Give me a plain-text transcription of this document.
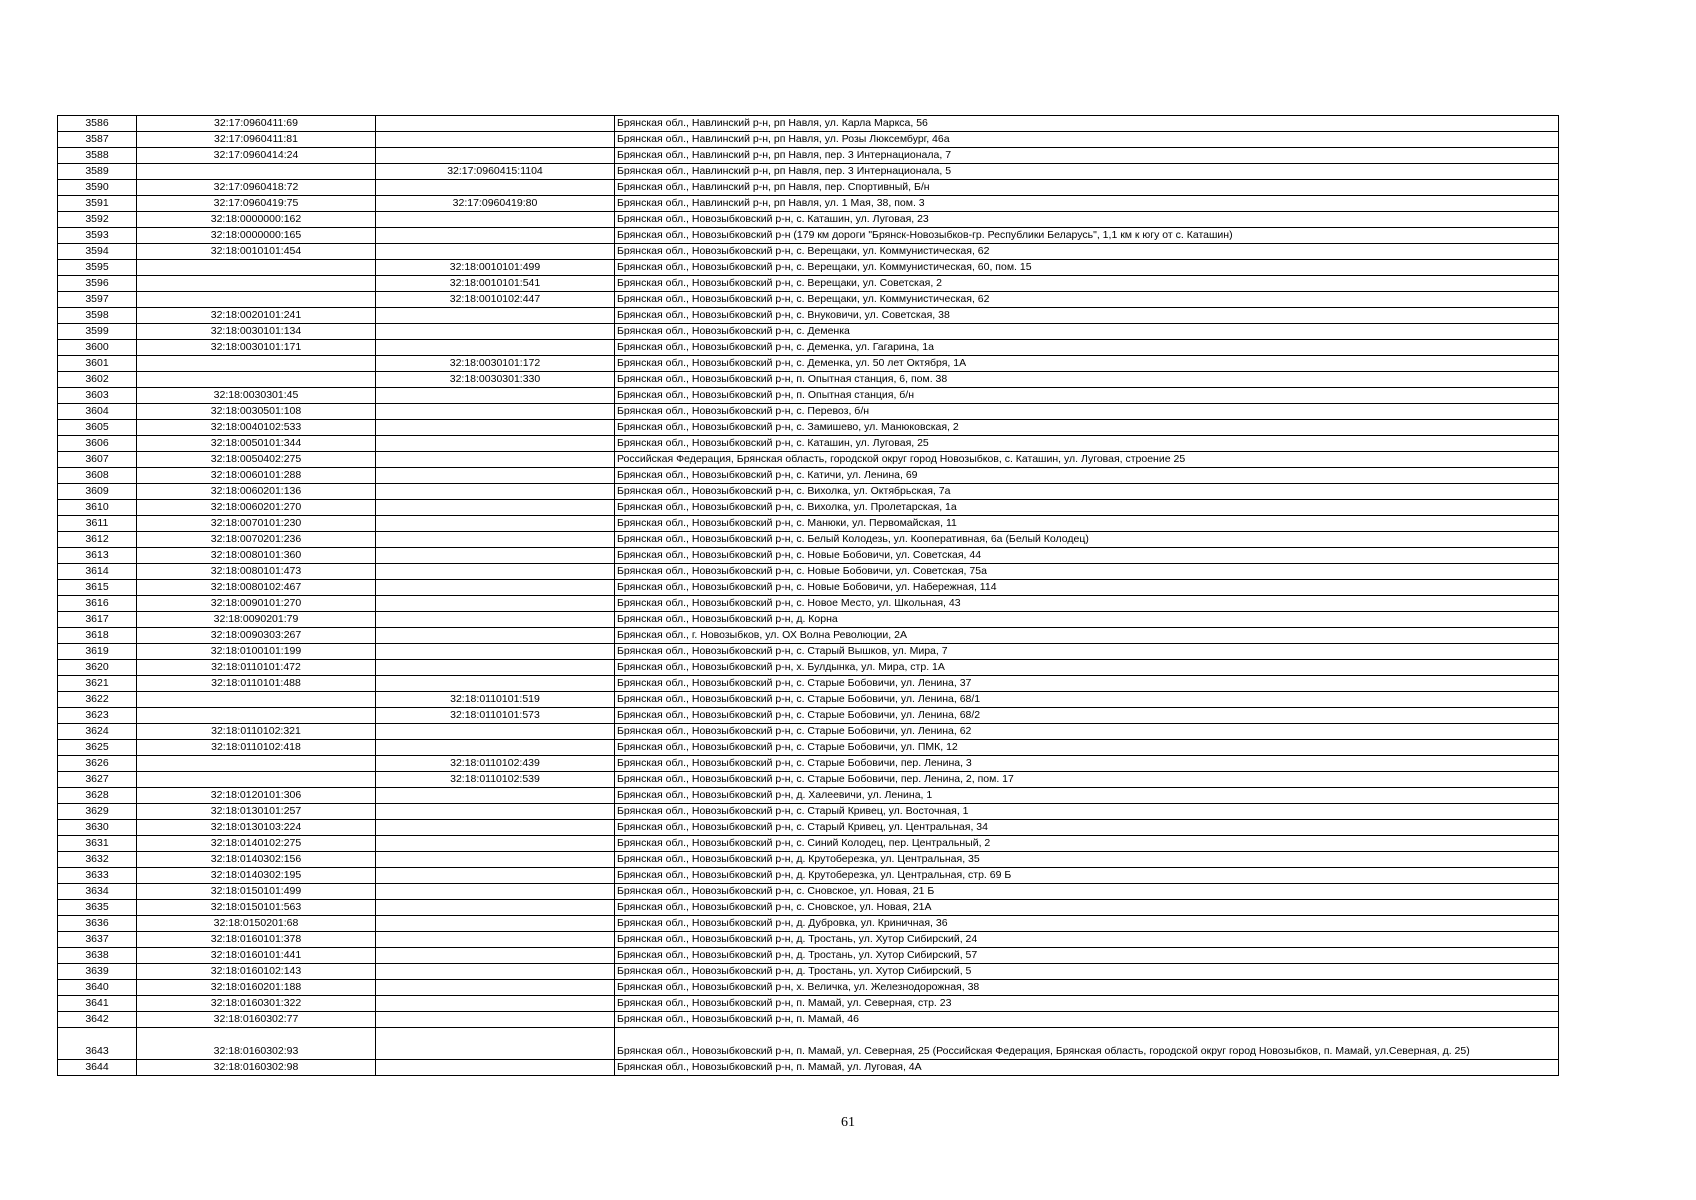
3586	32:17:0960411:69		Брянская обл., Навлинский р-н, рп Навля, ул. Карла Маркса, 56
3587	32:17:0960411:81		Брянская обл., Навлинский р-н, рп Навля, ул. Розы Люксембург, 46а
3588	32:17:0960414:24		Брянская обл., Навлинский р-н, рп Навля, пер. 3 Интернационала, 7
3589		32:17:0960415:1104	Брянская обл., Навлинский р-н, рп Навля, пер. 3 Интернационала, 5
3590	32:17:0960418:72		Брянская обл., Навлинский р-н, рп Навля, пер. Спортивный, Б/н
3591	32:17:0960419:75	32:17:0960419:80	Брянская обл., Навлинский р-н, рп Навля, ул. 1 Мая, 38, пом. 3
3592	32:18:0000000:162		Брянская обл., Новозыбковский р-н, с. Каташин, ул. Луговая, 23
3593	32:18:0000000:165		Брянская обл., Новозыбковский р-н (179 км дороги "Брянск-Новозыбков-гр. Республики Беларусь", 1,1 км к югу от с. Каташин)
3594	32:18:0010101:454		Брянская обл., Новозыбковский р-н, с. Верещаки, ул. Коммунистическая, 62
3595		32:18:0010101:499	Брянская обл., Новозыбковский р-н, с. Верещаки, ул. Коммунистическая, 60, пом. 15
3596		32:18:0010101:541	Брянская обл., Новозыбковский р-н, с. Верещаки, ул. Советская, 2
3597		32:18:0010102:447	Брянская обл., Новозыбковский р-н, с. Верещаки, ул. Коммунистическая, 62
3598	32:18:0020101:241		Брянская обл., Новозыбковский р-н, с. Внуковичи, ул. Советская, 38
3599	32:18:0030101:134		Брянская обл., Новозыбковский р-н, с. Деменка
3600	32:18:0030101:171		Брянская обл., Новозыбковский р-н, с. Деменка, ул. Гагарина, 1а
3601		32:18:0030101:172	Брянская обл., Новозыбковский р-н, с. Деменка, ул. 50 лет Октября, 1А
3602		32:18:0030301:330	Брянская обл., Новозыбковский р-н, п. Опытная станция, 6, пом. 38
3603	32:18:0030301:45		Брянская обл., Новозыбковский р-н, п. Опытная станция, б/н
3604	32:18:0030501:108		Брянская обл., Новозыбковский р-н, с. Перевоз, б/н
3605	32:18:0040102:533		Брянская обл., Новозыбковский р-н, с. Замишево, ул. Манюковская, 2
3606	32:18:0050101:344		Брянская обл., Новозыбковский р-н, с. Каташин, ул. Луговая, 25
3607	32:18:0050402:275		Российская Федерация, Брянская область, городской округ город Новозыбков, с. Каташин, ул. Луговая, строение 25
3608	32:18:0060101:288		Брянская обл., Новозыбковский р-н, с. Катичи, ул. Ленина, 69
3609	32:18:0060201:136		Брянская обл., Новозыбковский р-н, с. Вихолка, ул. Октябрьская, 7а
3610	32:18:0060201:270		Брянская обл., Новозыбковский р-н, с. Вихолка, ул. Пролетарская, 1а
3611	32:18:0070101:230		Брянская обл., Новозыбковский р-н, с. Манюки, ул. Первомайская, 11
3612	32:18:0070201:236		Брянская обл., Новозыбковский р-н, с. Белый Колодезь, ул. Кооперативная, 6а (Белый Колодец)
3613	32:18:0080101:360		Брянская обл., Новозыбковский р-н, с. Новые Бобовичи, ул. Советская, 44
3614	32:18:0080101:473		Брянская обл., Новозыбковский р-н, с. Новые Бобовичи, ул. Советская, 75а
3615	32:18:0080102:467		Брянская обл., Новозыбковский р-н, с. Новые Бобовичи, ул. Набережная, 114
3616	32:18:0090101:270		Брянская обл., Новозыбковский р-н, с. Новое Место, ул. Школьная, 43
3617	32:18:0090201:79		Брянская обл., Новозыбковский р-н, д. Корна
3618	32:18:0090303:267		Брянская обл., г. Новозыбков, ул. ОХ Волна Революции, 2А
3619	32:18:0100101:199		Брянская обл., Новозыбковский р-н, с. Старый Вышков, ул. Мира, 7
3620	32:18:0110101:472		Брянская обл., Новозыбковский р-н, х. Булдынка, ул. Мира, стр. 1А
3621	32:18:0110101:488		Брянская обл., Новозыбковский р-н, с. Старые Бобовичи, ул. Ленина, 37
3622		32:18:0110101:519	Брянская обл., Новозыбковский р-н, с. Старые Бобовичи, ул. Ленина, 68/1
3623		32:18:0110101:573	Брянская обл., Новозыбковский р-н, с. Старые Бобовичи, ул. Ленина, 68/2
3624	32:18:0110102:321		Брянская обл., Новозыбковский р-н, с. Старые Бобовичи, ул. Ленина, 62
3625	32:18:0110102:418		Брянская обл., Новозыбковский р-н, с. Старые Бобовичи, ул. ПМК, 12
3626		32:18:0110102:439	Брянская обл., Новозыбковский р-н, с. Старые Бобовичи, пер. Ленина, 3
3627		32:18:0110102:539	Брянская обл., Новозыбковский р-н, с. Старые Бобовичи, пер. Ленина, 2, пом. 17
3628	32:18:0120101:306		Брянская обл., Новозыбковский р-н, д. Халеевичи, ул. Ленина, 1
3629	32:18:0130101:257		Брянская обл., Новозыбковский р-н, с. Старый Кривец, ул. Восточная, 1
3630	32:18:0130103:224		Брянская обл., Новозыбковский р-н, с. Старый Кривец, ул. Центральная, 34
3631	32:18:0140102:275		Брянская обл., Новозыбковский р-н, с. Синий Колодец, пер. Центральный, 2
3632	32:18:0140302:156		Брянская обл., Новозыбковский р-н, д. Крутоберезка, ул. Центральная, 35
3633	32:18:0140302:195		Брянская обл., Новозыбковский р-н, д. Крутоберезка, ул. Центральная, стр. 69 Б
3634	32:18:0150101:499		Брянская обл., Новозыбковский р-н, с. Сновское, ул. Новая, 21 Б
3635	32:18:0150101:563		Брянская обл., Новозыбковский р-н, с. Сновское, ул. Новая, 21А
3636	32:18:0150201:68		Брянская обл., Новозыбковский р-н, д. Дубровка, ул. Криничная, 36
3637	32:18:0160101:378		Брянская обл., Новозыбковский р-н, д. Тростань, ул. Хутор Сибирский, 24
3638	32:18:0160101:441		Брянская обл., Новозыбковский р-н, д. Тростань, ул. Хутор Сибирский, 57
3639	32:18:0160102:143		Брянская обл., Новозыбковский р-н, д. Тростань, ул. Хутор Сибирский, 5
3640	32:18:0160201:188		Брянская обл., Новозыбковский р-н, х. Величка, ул. Железнодорожная, 38
3641	32:18:0160301:322		Брянская обл., Новозыбковский р-н, п. Мамай, ул. Северная, стр. 23
3642	32:18:0160302:77		Брянская обл., Новозыбковский р-н, п. Мамай, 46
3643	32:18:0160302:93		Брянская обл., Новозыбковский р-н, п. Мамай, ул. Северная, 25 (Российская Федерация, Брянская область, городской округ город Новозыбков, п. Мамай, ул.Северная, д. 25)
3644	32:18:0160302:98		Брянская обл., Новозыбковский р-н, п. Мамай, ул. Луговая, 4А
61
